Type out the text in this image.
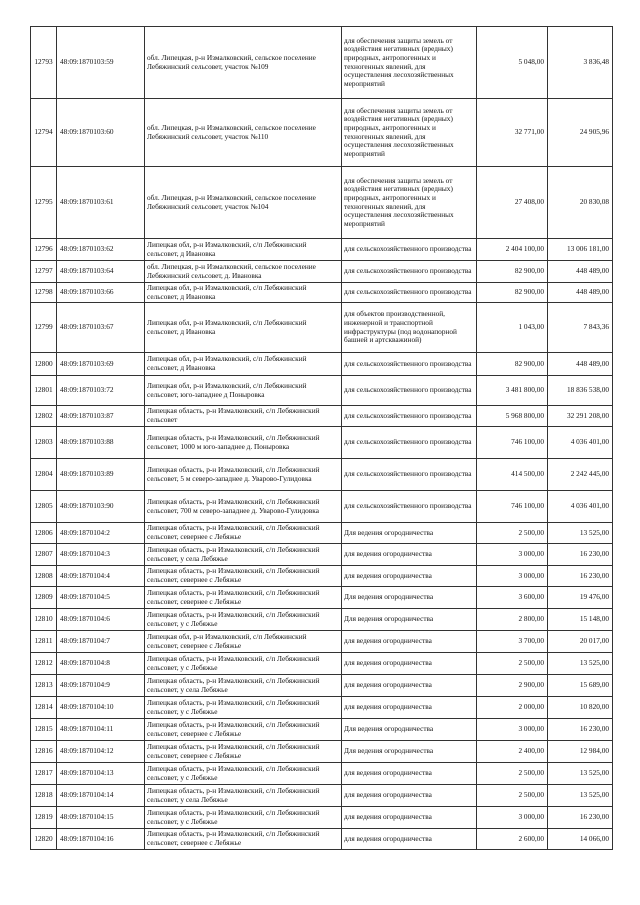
12793	48:09:1870103:59	обл. Липецкая, р-н Измалковский, сельское поселение Лебяжинский сельсовет, участок №109	для обеспечения защиты земель от воздействия негативных (вредных) природных, антропогенных и техногенных явлений, для осуществления лесохозяйственных мероприятий	5 048,00	3 836,48
12794	48:09:1870103:60	обл. Липецкая, р-н Измалковский, сельское поселение Лебяжинский сельсовет, участок №110	для обеспечения защиты земель от воздействия негативных (вредных) природных, антропогенных и техногенных явлений, для осуществления лесохозяйственных мероприятий	32 771,00	24 905,96
12795	48:09:1870103:61	обл. Липецкая, р-н Измалковский, сельское поселение Лебяжинский сельсовет, участок №104	для обеспечения защиты земель от воздействия негативных (вредных) природных, антропогенных и техногенных явлений, для осуществления лесохозяйственных мероприятий	27 408,00	20 830,08
12796	48:09:1870103:62	Липецкая обл, р-н Измалковский, с/п Лебяжинский сельсовет, д Ивановка	для сельскохозяйственного производства	2 404 100,00	13 006 181,00
12797	48:09:1870103:64	обл. Липецкая, р-н Измалковский, сельское поселение Лебяжинский сельсовет, д. Ивановка	для сельскохозяйственного производства	82 900,00	448 489,00
12798	48:09:1870103:66	Липецкая обл, р-н Измалковский, с/п Лебяжинский сельсовет, д Ивановка	для сельскохозяйственного производства	82 900,00	448 489,00
12799	48:09:1870103:67	Липецкая обл, р-н Измалковский, с/п Лебяжинский сельсовет, д Ивановка	для объектов производственной, инженерной и транспортной инфраструктуры (под водонапорной башней и артскважиной)	1 043,00	7 843,36
12800	48:09:1870103:69	Липецкая обл, р-н Измалковский, с/п Лебяжинский сельсовет, д Ивановка	для сельскохозяйственного производства	82 900,00	448 489,00
12801	48:09:1870103:72	Липецкая обл, р-н Измалковский, с/п Лебяжинский сельсовет, юго-западнее д Поныровка	для сельскохозяйственного производства	3 481 800,00	18 836 538,00
12802	48:09:1870103:87	Липецкая область, р-н Измалковский, с/п Лебяжинский сельсовет	для сельскохозяйственного производства	5 968 800,00	32 291 208,00
12803	48:09:1870103:88	Липецкая область, р-н Измалковский, с/п Лебяжинский сельсовет, 1000 м юго-западнее д. Поныровка	для сельскохозяйственного производства	746 100,00	4 036 401,00
12804	48:09:1870103:89	Липецкая область, р-н Измалковский, с/п Лебяжинский сельсовет, 5 м северо-западнее д. Уварово-Гулидовка	для сельскохозяйственного производства	414 500,00	2 242 445,00
12805	48:09:1870103:90	Липецкая область, р-н Измалковский, с/п Лебяжинский сельсовет, 700 м северо-западнее д. Уварово-Гулидовка	для сельскохозяйственного производства	746 100,00	4 036 401,00
12806	48:09:1870104:2	Липецкая область, р-н Измалковский, с/п Лебяжинский сельсовет, севернее с Лебяжье	Для ведения огородничества	2 500,00	13 525,00
12807	48:09:1870104:3	Липецкая область, р-н Измалковский, с/п Лебяжинский сельсовет, у села Лебяжье	для ведения огородничества	3 000,00	16 230,00
12808	48:09:1870104:4	Липецкая область, р-н Измалковский, с/п Лебяжинский сельсовет, севернее с Лебяжье	для ведения огородничества	3 000,00	16 230,00
12809	48:09:1870104:5	Липецкая область, р-н Измалковский, с/п Лебяжинский сельсовет, севернее с Лебяжье	Для ведения огородничества	3 600,00	19 476,00
12810	48:09:1870104:6	Липецкая область, р-н Измалковский, с/п Лебяжинский сельсовет, у с Лебяжье	Для ведения огородничества	2 800,00	15 148,00
12811	48:09:1870104:7	Липецкая обл, р-н Измалковский, с/п Лебяжинский сельсовет, севернее с Лебяжье	для ведения огородничества	3 700,00	20 017,00
12812	48:09:1870104:8	Липецкая область, р-н Измалковский, с/п Лебяжинский сельсовет, у с Лебяжье	для ведения огородничества	2 500,00	13 525,00
12813	48:09:1870104:9	Липецкая область, р-н Измалковский, с/п Лебяжинский сельсовет, у села Лебяжье	для ведения огородничества	2 900,00	15 689,00
12814	48:09:1870104:10	Липецкая область, р-н Измалковский, с/п Лебяжинский сельсовет, у с Лебяжье	для ведения огородничества	2 000,00	10 820,00
12815	48:09:1870104:11	Липецкая область, р-н Измалковский, с/п Лебяжинский сельсовет, севернее с Лебяжье	Для ведения огородничества	3 000,00	16 230,00
12816	48:09:1870104:12	Липецкая область, р-н Измалковский, с/п Лебяжинский сельсовет, севернее с Лебяжье	Для ведения огородничества	2 400,00	12 984,00
12817	48:09:1870104:13	Липецкая область, р-н Измалковский, с/п Лебяжинский сельсовет, у с Лебяжье	для ведения огородничества	2 500,00	13 525,00
12818	48:09:1870104:14	Липецкая область, р-н Измалковский, с/п Лебяжинский сельсовет, у села Лебяжье	для ведения огородничества	2 500,00	13 525,00
12819	48:09:1870104:15	Липецкая область, р-н Измалковский, с/п Лебяжинский сельсовет, у с Лебяжье	для ведения огородничества	3 000,00	16 230,00
12820	48:09:1870104:16	Липецкая область, р-н Измалковский, с/п Лебяжинский сельсовет, севернее с Лебяжье	для ведения огородничества	2 600,00	14 066,00
